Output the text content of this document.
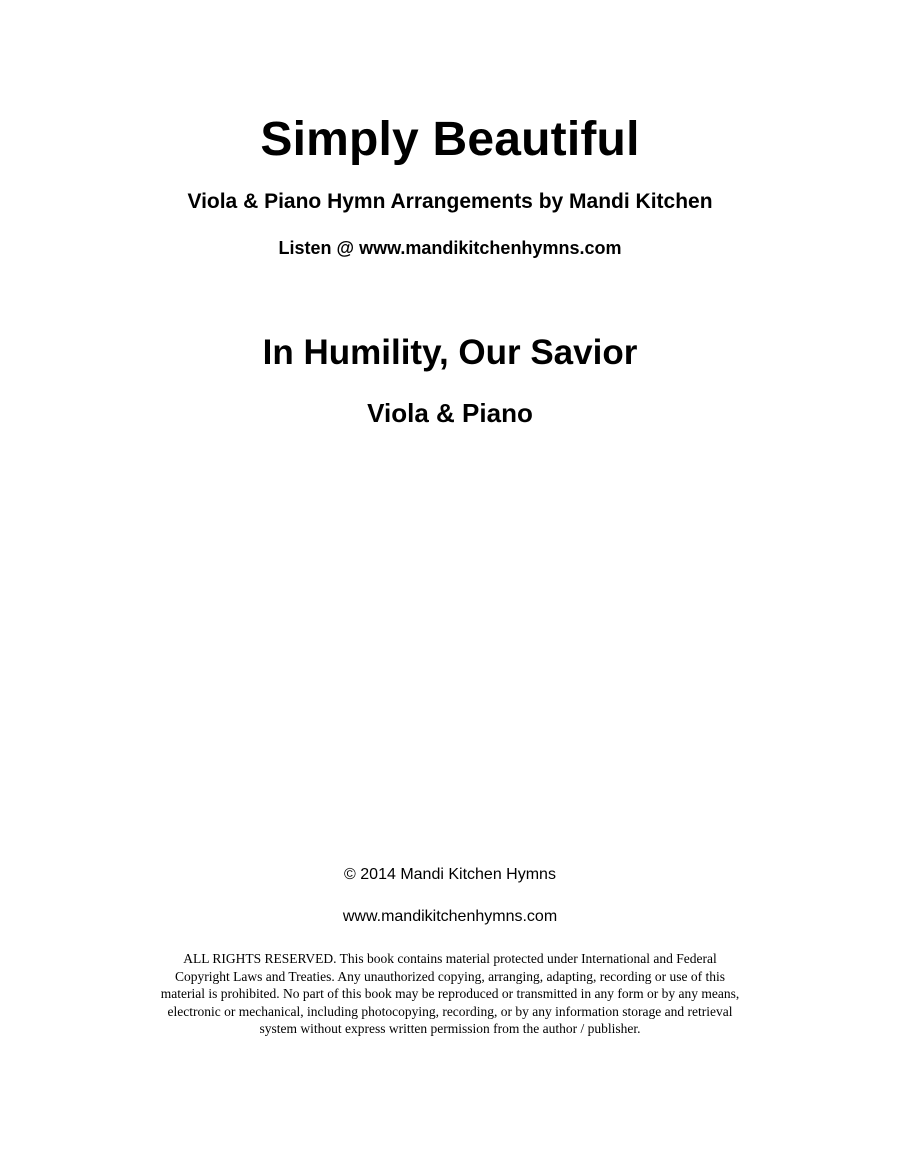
Simply Beautiful
Viola & Piano Hymn Arrangements by Mandi Kitchen
Listen @ www.mandikitchenhymns.com
In Humility, Our Savior
Viola & Piano
© 2014 Mandi Kitchen Hymns
www.mandikitchenhymns.com
ALL RIGHTS RESERVED. This book contains material protected under International and Federal
Copyright Laws and Treaties. Any unauthorized copying, arranging, adapting, recording or use of this
material is prohibited. No part of this book may be reproduced or transmitted in any form or by any means,
electronic or mechanical, including photocopying, recording, or by any information storage and retrieval
system without express written permission from the author / publisher.
